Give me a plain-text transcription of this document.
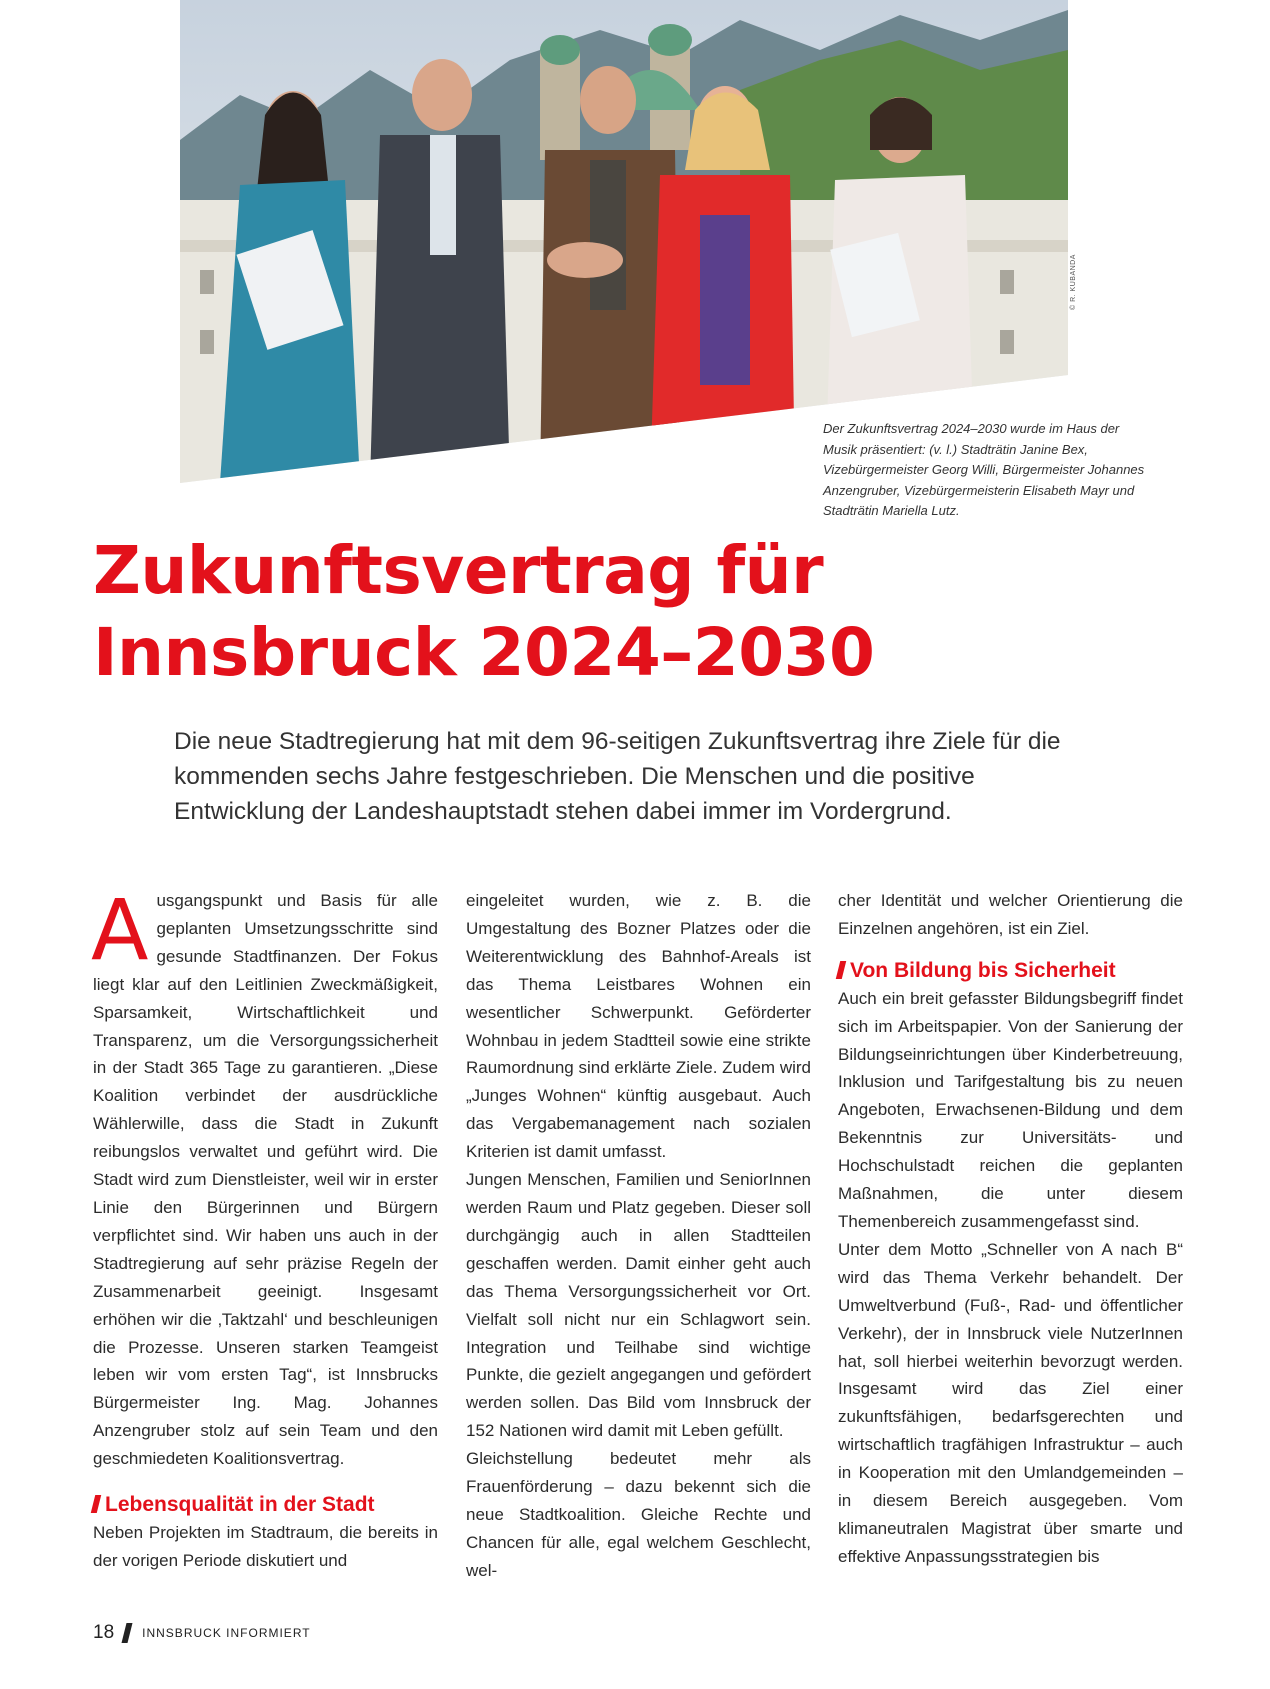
© R. KUBANDA

Der Zukunftsvertrag 2024–2030 wurde im Haus der Musik präsentiert: (v. l.) Stadträtin Janine Bex, Vizebürgermeister Georg Willi, Bürgermeister Johannes Anzengruber, Vizebürgermeisterin Elisabeth Mayr und Stadträtin Mariella Lutz.

Zukunftsvertrag für
Innsbruck 2024–2030

Die neue Stadtregierung hat mit dem 96-seitigen Zukunftsvertrag ihre Ziele für die kommenden sechs Jahre festgeschrieben. Die Menschen und die positive Entwicklung der Landeshauptstadt stehen dabei immer im Vordergrund.

Ausgangspunkt und Basis für alle geplanten Umsetzungsschritte sind gesunde Stadtfinanzen. Der Fokus liegt klar auf den Leitlinien Zweckmäßigkeit, Sparsamkeit, Wirtschaftlichkeit und Transparenz, um die Versorgungssicherheit in der Stadt 365 Tage zu garantieren. „Diese Koalition verbindet der ausdrückliche Wählerwille, dass die Stadt in Zukunft reibungslos verwaltet und geführt wird. Die Stadt wird zum Dienstleister, weil wir in erster Linie den Bürgerinnen und Bürgern verpflichtet sind. Wir haben uns auch in der Stadtregierung auf sehr präzise Regeln der Zusammenarbeit geeinigt. Insgesamt erhöhen wir die ‚Taktzahl‘ und beschleunigen die Prozesse. Unseren starken Teamgeist leben wir vom ersten Tag“, ist Innsbrucks Bürgermeister Ing. Mag. Johannes Anzengruber stolz auf sein Team und den geschmiedeten Koalitionsvertrag.

Lebensqualität in der Stadt

Neben Projekten im Stadtraum, die bereits in der vorigen Periode diskutiert und

eingeleitet wurden, wie z. B. die Umgestaltung des Bozner Platzes oder die Weiterentwicklung des Bahnhof-Areals ist das Thema Leistbares Wohnen ein wesentlicher Schwerpunkt. Geförderter Wohnbau in jedem Stadtteil sowie eine strikte Raumordnung sind erklärte Ziele. Zudem wird „Junges Wohnen“ künftig ausgebaut. Auch das Vergabemanagement nach sozialen Kriterien ist damit umfasst.

Jungen Menschen, Familien und SeniorInnen werden Raum und Platz gegeben. Dieser soll durchgängig auch in allen Stadtteilen geschaffen werden. Damit einher geht auch das Thema Versorgungssicherheit vor Ort. Vielfalt soll nicht nur ein Schlagwort sein. Integration und Teilhabe sind wichtige Punkte, die gezielt angegangen und gefördert werden sollen. Das Bild vom Innsbruck der 152 Nationen wird damit mit Leben gefüllt.

Gleichstellung bedeutet mehr als Frauenförderung – dazu bekennt sich die neue Stadtkoalition. Gleiche Rechte und Chancen für alle, egal welchem Geschlecht, wel-

cher Identität und welcher Orientierung die Einzelnen angehören, ist ein Ziel.

Von Bildung bis Sicherheit

Auch ein breit gefasster Bildungsbegriff findet sich im Arbeitspapier. Von der Sanierung der Bildungseinrichtungen über Kinderbetreuung, Inklusion und Tarifgestaltung bis zu neuen Angeboten, Erwachsenen-Bildung und dem Bekenntnis zur Universitäts- und Hochschulstadt reichen die geplanten Maßnahmen, die unter diesem Themenbereich zusammengefasst sind.

Unter dem Motto „Schneller von A nach B“ wird das Thema Verkehr behandelt. Der Umweltverbund (Fuß-, Rad- und öffentlicher Verkehr), der in Innsbruck viele NutzerInnen hat, soll hierbei weiterhin bevorzugt werden. Insgesamt wird das Ziel einer zukunftsfähigen, bedarfsgerechten und wirtschaftlich tragfähigen Infrastruktur – auch in Kooperation mit den Umlandgemeinden – in diesem Bereich ausgegeben. Vom klimaneutralen Magistrat über smarte und effektive Anpassungsstrategien bis

18 INNSBRUCK INFORMIERT
